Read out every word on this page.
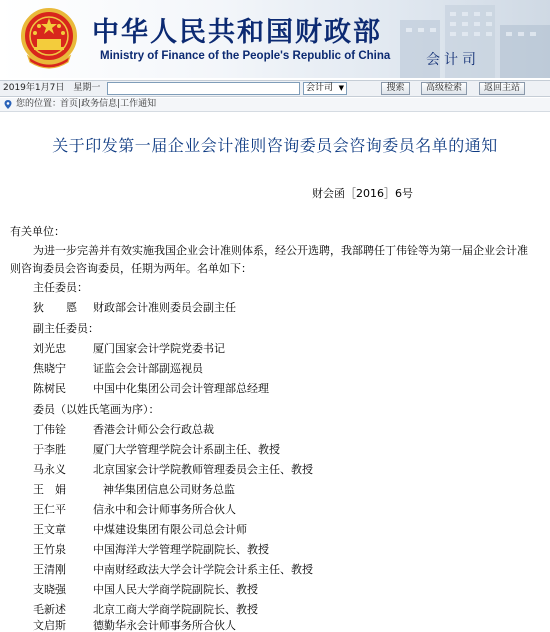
中华人民共和国财政部
Ministry of Finance of the People's Republic of China	会计司
2019年1月7日　星期一	会计司 ▼	搜索	高级检索	返回主站
您的位置：
首页|政务信息|工作通知
关于印发第一届企业会计准则咨询委员会咨询委员名单的通知
财会函［2016］6号
有关单位：
为进一步完善并有效实施我国企业会计准则体系，经公开选聘，我部聘任丁伟铨等为第一届企业会计准
则咨询委员会咨询委员，任期为两年。名单如下：
主任委员：
狄　　㥦 财政部会计准则委员会副主任
副主任委员：
刘光忠 厦门国家会计学院党委书记
焦晓宁 证监会会计部副巡视员
陈树民 中国中化集团公司会计管理部总经理
委员（以姓氏笔画为序）：
丁伟铨 香港会计师公会行政总裁
于李胜 厦门大学管理学院会计系副主任、教授
马永义 北京国家会计学院教师管理委员会主任、教授
王　娟	神华集团信息公司财务总监
王仁平 信永中和会计师事务所合伙人
王文章 中煤建设集团有限公司总会计师
王竹泉 中国海洋大学管理学院副院长、教授
王清刚 中南财经政法大学会计学院会计系主任、教授
支晓强 中国人民大学商学院副院长、教授
毛新述 北京工商大学商学院副院长、教授
文启斯 德勤华永会计师事务所合伙人
